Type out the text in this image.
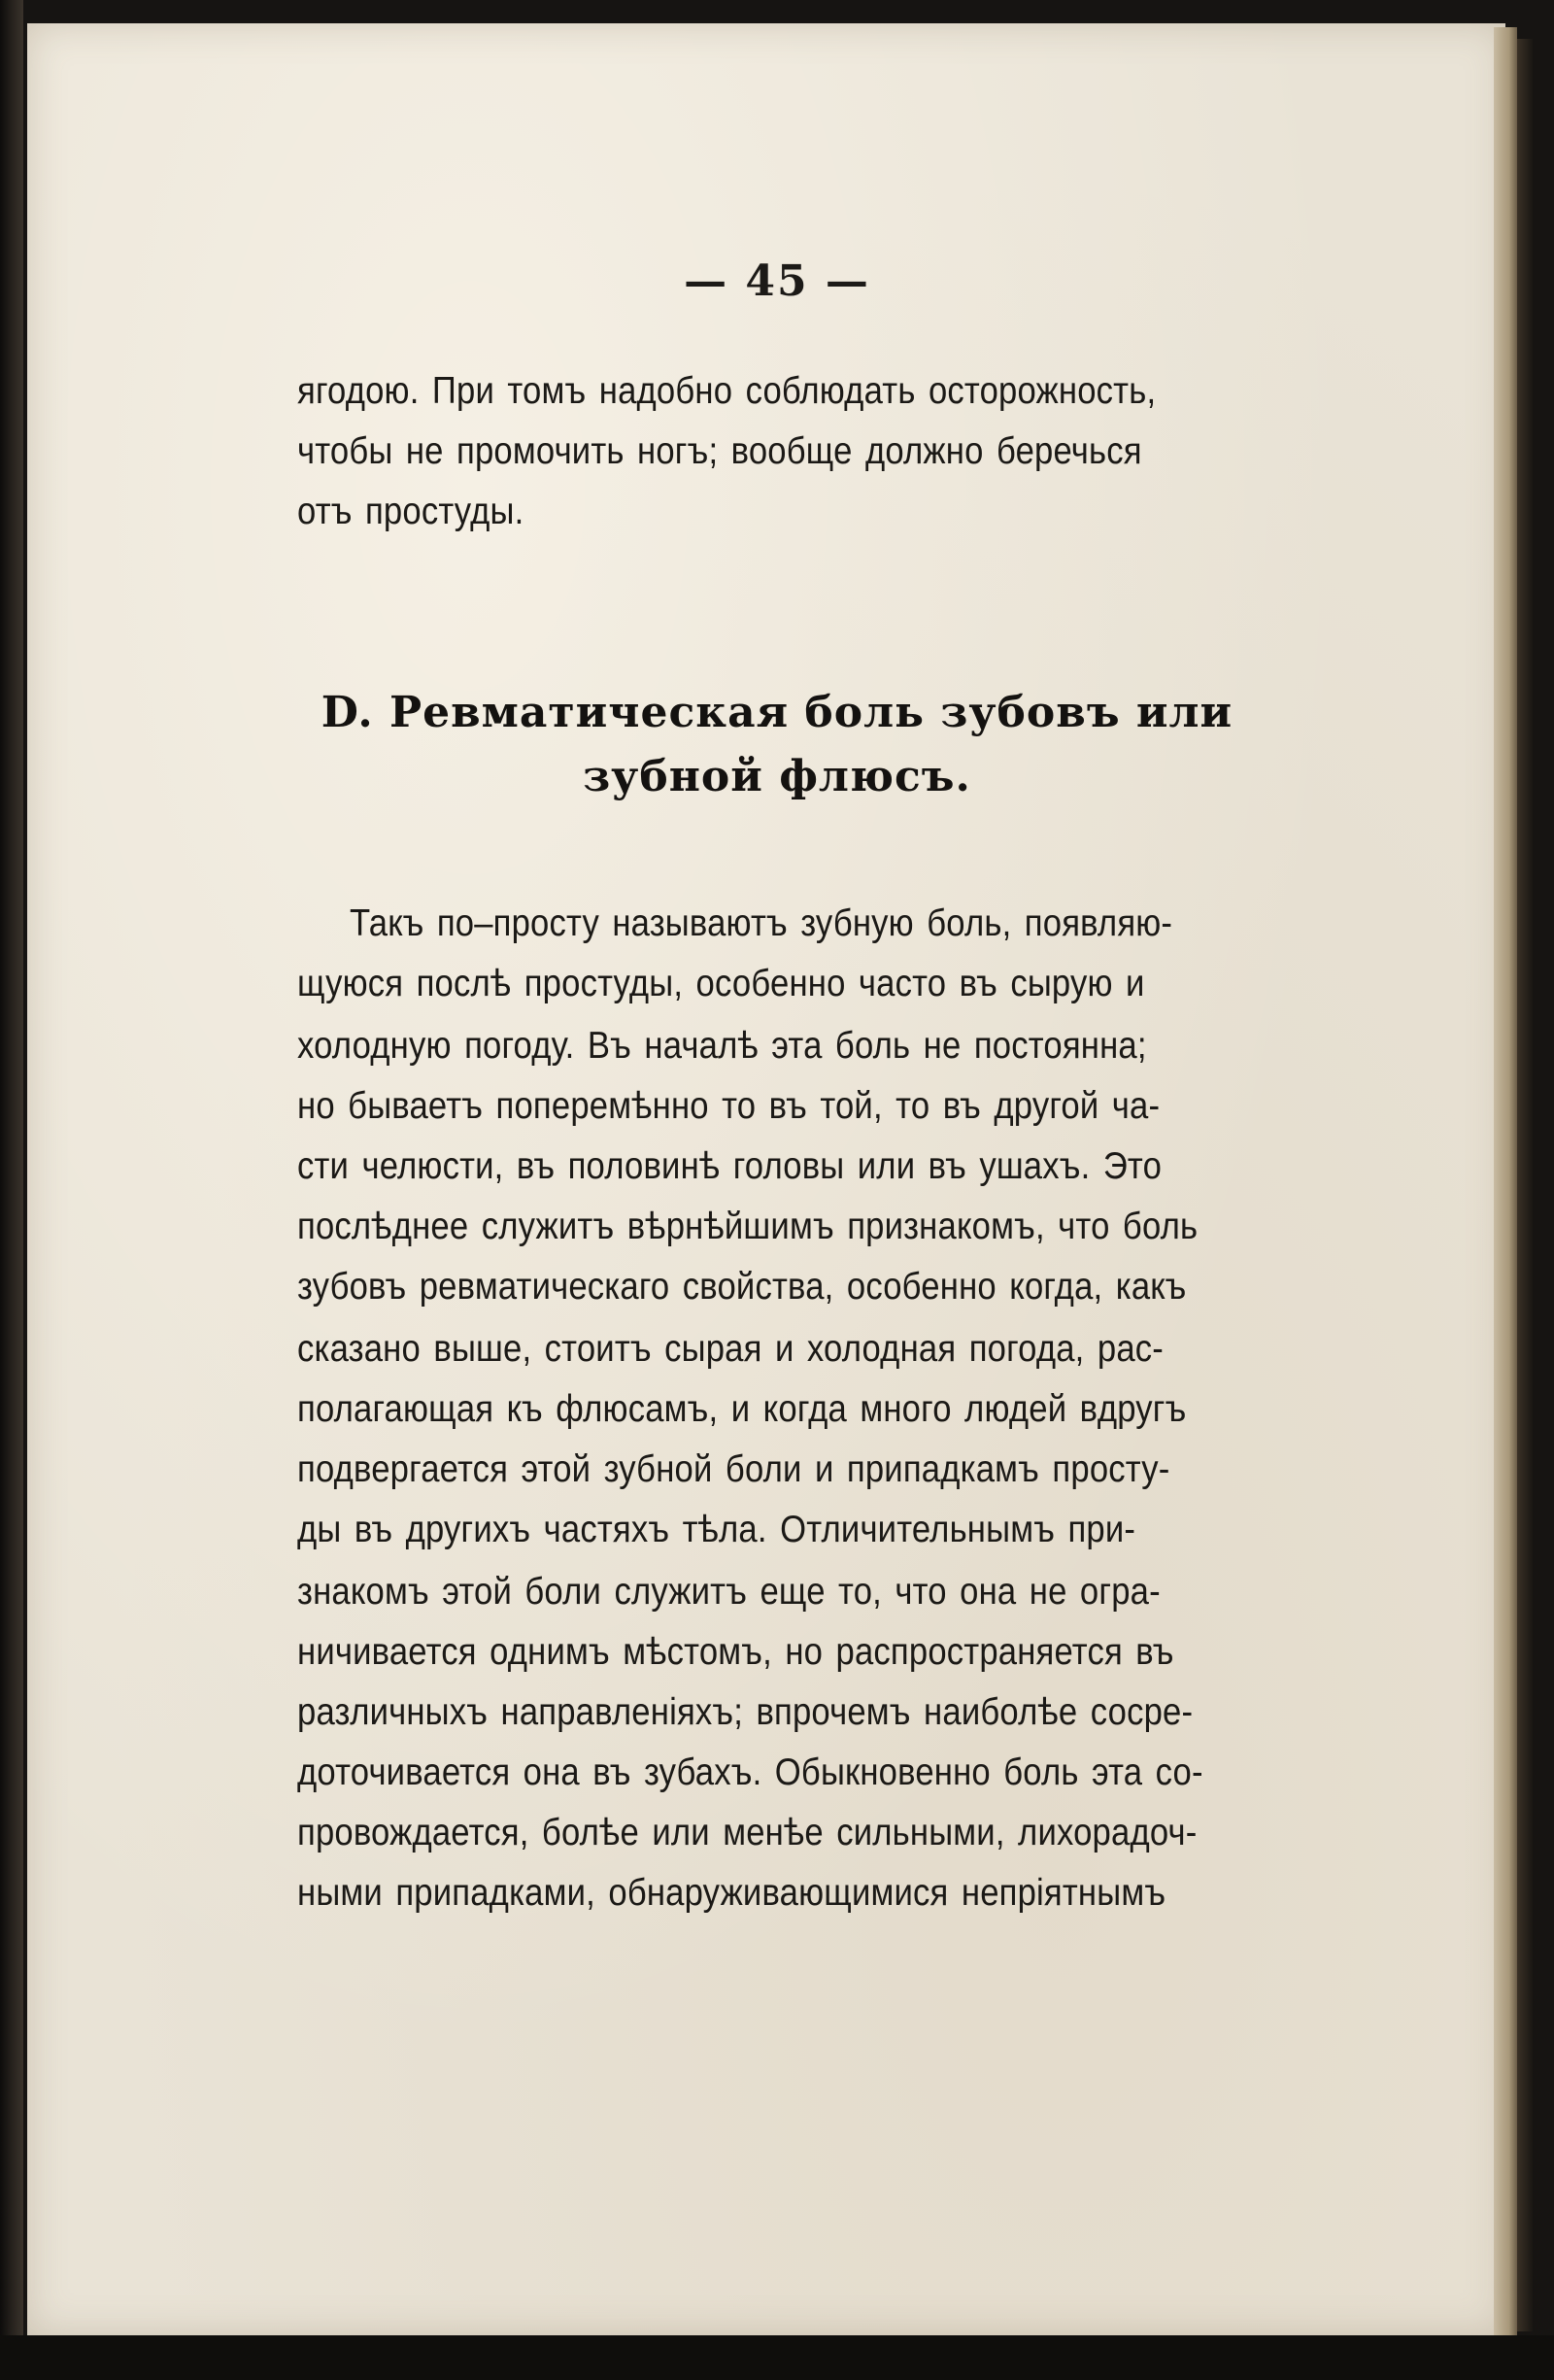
— 45 —
ягодою. При томъ надобно соблюдать осторожность,
чтобы не промочить ногъ; вообще должно беречься
отъ простуды.
D. Ревматическая боль зубовъ или
зубной флюсъ.
Такъ по–просту называютъ зубную боль, появляю-
щуюся послѣ простуды, особенно часто въ сырую и
холодную погоду. Въ началѣ эта боль не постоянна;
но бываетъ поперемѣнно то въ той, то въ другой ча-
сти челюсти, въ половинѣ головы или въ ушахъ. Это
послѣднее служитъ вѣрнѣйшимъ признакомъ, что боль
зубовъ ревматическаго свойства, особенно когда, какъ
сказано выше, стоитъ сырая и холодная погода, рас-
полагающая къ флюсамъ, и когда много людей вдругъ
подвергается этой зубной боли и припадкамъ просту-
ды въ другихъ частяхъ тѣла. Отличительнымъ при-
знакомъ этой боли служитъ еще то, что она не огра-
ничивается однимъ мѣстомъ, но распространяется въ
различныхъ направленіяхъ; впрочемъ наиболѣе сосре-
доточивается она въ зубахъ. Обыкновенно боль эта со-
провождается, болѣе или менѣе сильными, лихорадоч-
ными припадками, обнаруживающимися непріятнымъ
